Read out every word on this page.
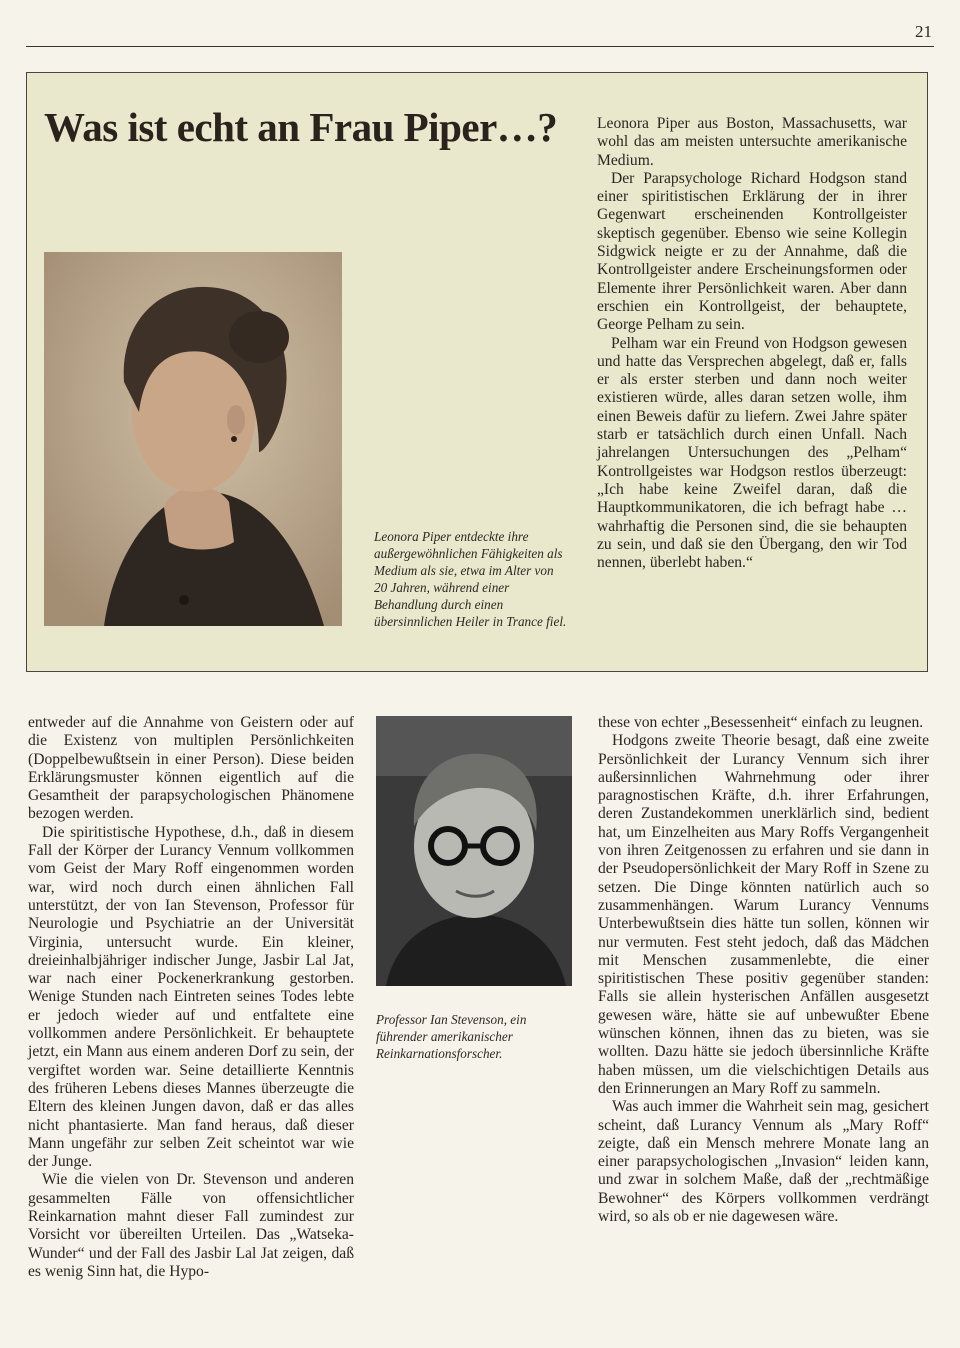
21
Was ist echt an Frau Piper…?

Leonora Piper entdeckte ihre außergewöhnlichen Fähigkeiten als Medium als sie, etwa im Alter von 20 Jahren, während einer Behandlung durch einen übersinnlichen Heiler in Trance fiel.

Leonora Piper aus Boston, Massachusetts, war wohl das am meisten untersuchte amerikanische Medium.

Der Parapsychologe Richard Hodgson stand einer spiritistischen Erklärung der in ihrer Gegenwart erscheinenden Kontrollgeister skeptisch gegenüber. Ebenso wie seine Kollegin Sidgwick neigte er zu der Annahme, daß die Kontrollgeister andere Erscheinungsformen oder Elemente ihrer Persönlichkeit waren. Aber dann erschien ein Kontrollgeist, der behauptete, George Pelham zu sein.

Pelham war ein Freund von Hodgson gewesen und hatte das Versprechen abgelegt, daß er, falls er als erster sterben und dann noch weiter existieren würde, alles daran setzen wolle, ihm einen Beweis dafür zu liefern. Zwei Jahre später starb er tatsächlich durch einen Unfall. Nach jahrelangen Untersuchungen des „Pelham“ Kontrollgeistes war Hodgson restlos überzeugt: „Ich habe keine Zweifel daran, daß die Hauptkommunikatoren, die ich befragt habe … wahrhaftig die Personen sind, die sie behaupten zu sein, und daß sie den Übergang, den wir Tod nennen, überlebt haben.“

entweder auf die Annahme von Geistern oder auf die Existenz von multiplen Persönlichkeiten (Doppelbewußtsein in einer Person). Diese beiden Erklärungsmuster können eigentlich auf die Gesamtheit der parapsychologischen Phänomene bezogen werden.

Die spiritistische Hypothese, d.h., daß in diesem Fall der Körper der Lurancy Vennum vollkommen vom Geist der Mary Roff eingenommen worden war, wird noch durch einen ähnlichen Fall unterstützt, der von Ian Stevenson, Professor für Neurologie und Psychiatrie an der Universität Virginia, untersucht wurde. Ein kleiner, dreieinhalbjähriger indischer Junge, Jasbir Lal Jat, war nach einer Pockenerkrankung gestorben. Wenige Stunden nach Eintreten seines Todes lebte er jedoch wieder auf und entfaltete eine vollkommen andere Persönlichkeit. Er behauptete jetzt, ein Mann aus einem anderen Dorf zu sein, der vergiftet worden war. Seine detaillierte Kenntnis des früheren Lebens dieses Mannes überzeugte die Eltern des kleinen Jungen davon, daß er das alles nicht phantasierte. Man fand heraus, daß dieser Mann ungefähr zur selben Zeit scheintot war wie der Junge.

Wie die vielen von Dr. Stevenson und anderen gesammelten Fälle von offensichtlicher Reinkarnation mahnt dieser Fall zumindest zur Vorsicht vor übereilten Urteilen. Das „Watseka-Wunder“ und der Fall des Jasbir Lal Jat zeigen, daß es wenig Sinn hat, die Hypo-

Professor Ian Stevenson, ein führender amerikanischer Reinkarnationsforscher.

these von echter „Besessenheit“ einfach zu leugnen.

Hodgons zweite Theorie besagt, daß eine zweite Persönlichkeit der Lurancy Vennum sich ihrer außersinnlichen Wahrnehmung oder ihrer paragnostischen Kräfte, d.h. ihrer Erfahrungen, deren Zustandekommen unerklärlich sind, bedient hat, um Einzelheiten aus Mary Roffs Vergangenheit von ihren Zeitgenossen zu erfahren und sie dann in der Pseudopersönlichkeit der Mary Roff in Szene zu setzen. Die Dinge könnten natürlich auch so zusammenhängen. Warum Lurancy Vennums Unterbewußtsein dies hätte tun sollen, können wir nur vermuten. Fest steht jedoch, daß das Mädchen mit Menschen zusammenlebte, die einer spiritistischen These positiv gegenüber standen: Falls sie allein hysterischen Anfällen ausgesetzt gewesen wäre, hätte sie auf unbewußter Ebene wünschen können, ihnen das zu bieten, was sie wollten. Dazu hätte sie jedoch übersinnliche Kräfte haben müssen, um die vielschichtigen Details aus den Erinnerungen an Mary Roff zu sammeln.

Was auch immer die Wahrheit sein mag, gesichert scheint, daß Lurancy Vennum als „Mary Roff“ zeigte, daß ein Mensch mehrere Monate lang an einer parapsychologischen „Invasion“ leiden kann, und zwar in solchem Maße, daß der „rechtmäßige Bewohner“ des Körpers vollkommen verdrängt wird, so als ob er nie dagewesen wäre.
